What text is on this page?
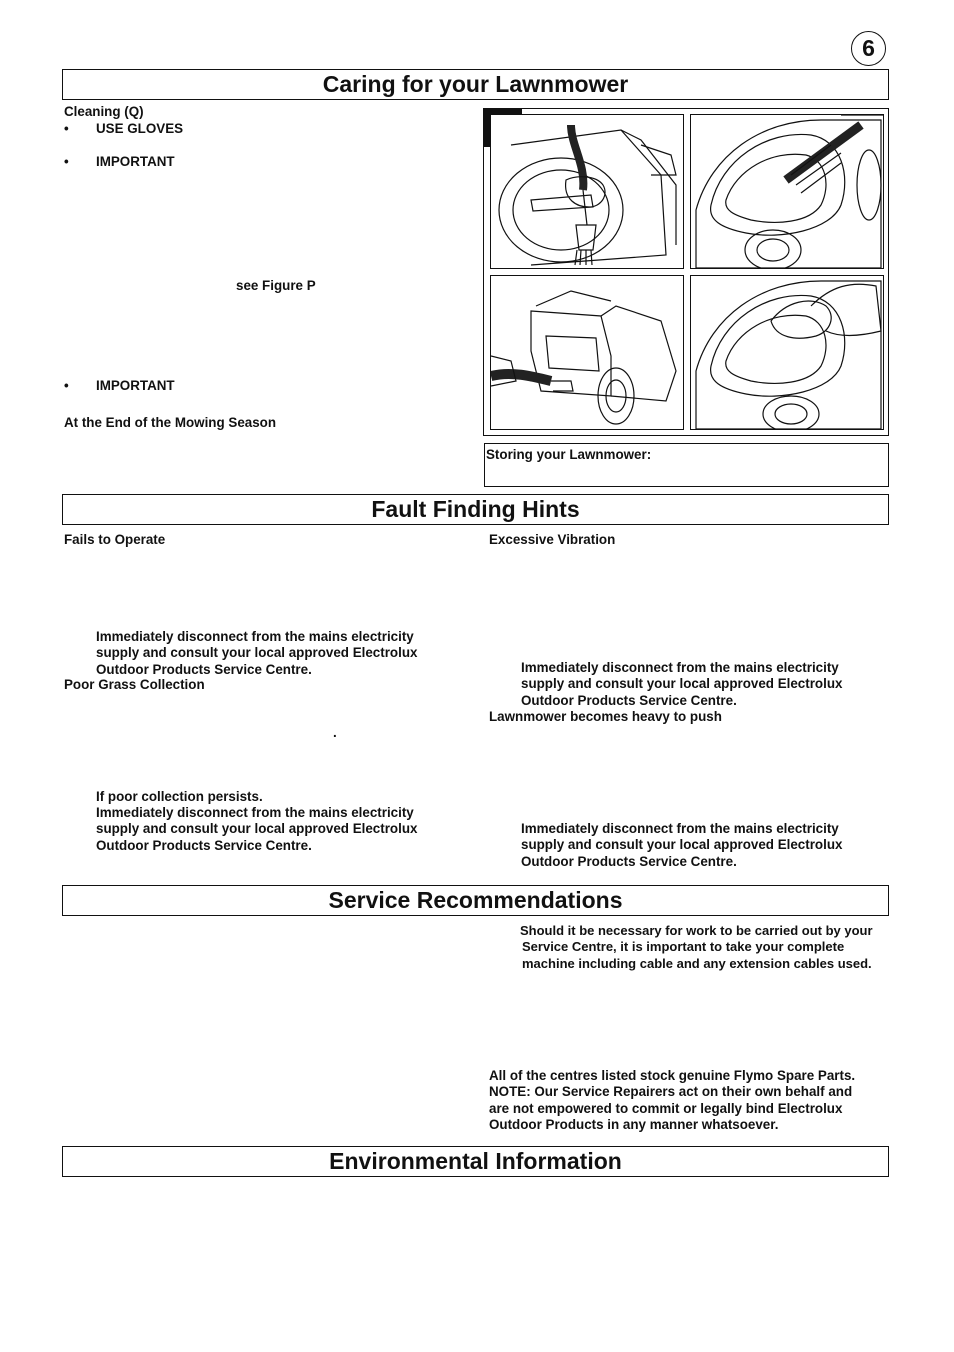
6
Caring for your Lawnmower
Fault Finding Hints
Service Recommendations
Environmental Information
Cleaning (Q)
• USE GLOVES
• IMPORTANT
see Figure P
• IMPORTANT
At the End of the Mowing Season
Storing your Lawnmower:
Fails to Operate
Immediately disconnect from the mains electricity
supply and consult your local approved Electrolux
Outdoor Products Service Centre.
Poor Grass Collection
.
If poor collection persists.
Immediately disconnect from the mains electricity
supply and consult your local approved Electrolux
Outdoor Products Service Centre.
Excessive Vibration
Immediately disconnect from the mains electricity
supply and consult your local approved Electrolux
Outdoor Products Service Centre.
Lawnmower becomes heavy to push
Immediately disconnect from the mains electricity
supply and consult your local approved Electrolux
Outdoor Products Service Centre.
Should it be necessary for work to be carried out by your
Service Centre, it is important to take your complete
machine including cable and any extension cables used.
All of the centres listed stock genuine Flymo Spare Parts.
NOTE: Our Service Repairers act on their own behalf and
are not empowered to commit or legally bind Electrolux
Outdoor Products in any manner whatsoever.
